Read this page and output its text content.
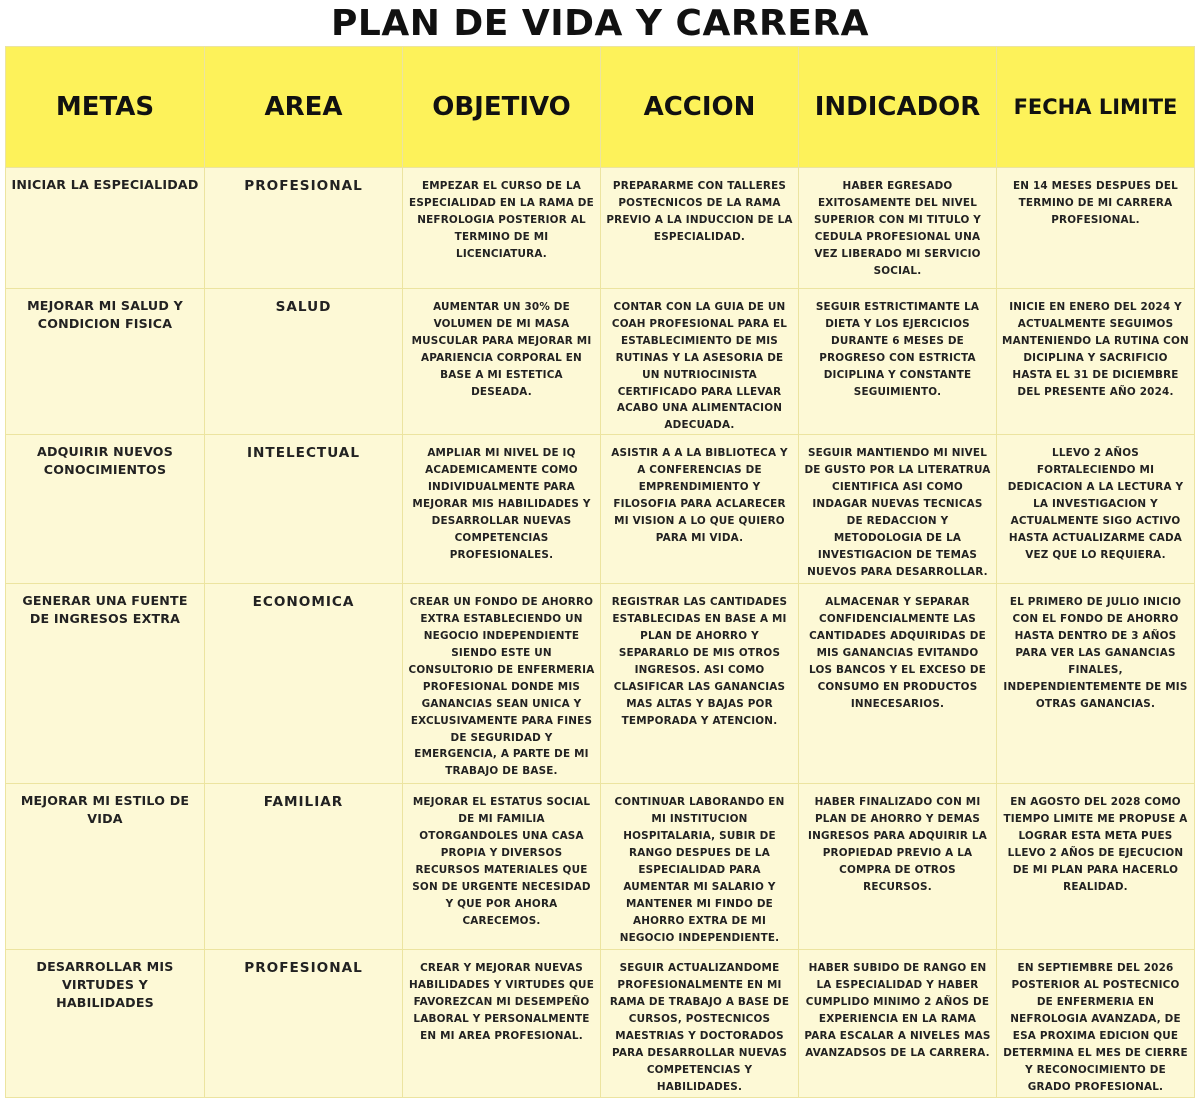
PLAN DE VIDA Y CARRERA
METAS	AREA	OBJETIVO	ACCION	INDICADOR	FECHA LIMITE
INICIAR LA ESPECIALIDAD	PROFESIONAL	EMPEZAR EL CURSO DE LA ESPECIALIDAD EN LA RAMA DE NEFROLOGIA POSTERIOR AL TERMINO DE MI LICENCIATURA.	PREPARARME CON TALLERES POSTECNICOS DE LA RAMA PREVIO A LA INDUCCION DE LA ESPECIALIDAD.	HABER EGRESADO EXITOSAMENTE DEL NIVEL SUPERIOR CON MI TITULO Y CEDULA PROFESIONAL UNA VEZ LIBERADO MI SERVICIO SOCIAL.	EN 14 MESES DESPUES DEL TERMINO DE MI CARRERA PROFESIONAL.
MEJORAR MI SALUD Y CONDICION FISICA	SALUD	AUMENTAR UN 30% DE VOLUMEN DE MI MASA MUSCULAR PARA MEJORAR MI APARIENCIA CORPORAL EN BASE A MI ESTETICA DESEADA.	CONTAR CON LA GUIA DE UN COAH PROFESIONAL PARA EL ESTABLECIMIENTO DE MIS RUTINAS Y LA ASESORIA DE UN NUTRIOCINISTA CERTIFICADO PARA LLEVAR ACABO UNA ALIMENTACION ADECUADA.	SEGUIR ESTRICTIMANTE LA DIETA Y LOS EJERCICIOS DURANTE 6 MESES DE PROGRESO CON ESTRICTA DICIPLINA Y CONSTANTE SEGUIMIENTO.	INICIE EN ENERO DEL 2024 Y ACTUALMENTE SEGUIMOS MANTENIENDO LA RUTINA CON DICIPLINA Y SACRIFICIO HASTA EL 31 DE DICIEMBRE DEL PRESENTE AÑO 2024.
ADQUIRIR NUEVOS CONOCIMIENTOS	INTELECTUAL	AMPLIAR MI NIVEL DE IQ ACADEMICAMENTE COMO INDIVIDUALMENTE PARA MEJORAR MIS HABILIDADES Y DESARROLLAR NUEVAS COMPETENCIAS PROFESIONALES.	ASISTIR A A LA BIBLIOTECA Y A CONFERENCIAS DE EMPRENDIMIENTO Y FILOSOFIA PARA ACLARECER MI VISION A LO QUE QUIERO PARA MI VIDA.	SEGUIR MANTIENDO MI NIVEL DE GUSTO POR LA LITERATRUA CIENTIFICA ASI COMO INDAGAR NUEVAS TECNICAS DE REDACCION Y METODOLOGIA DE LA INVESTIGACION DE TEMAS NUEVOS PARA DESARROLLAR.	LLEVO 2 AÑOS FORTALECIENDO MI DEDICACION A LA LECTURA Y LA INVESTIGACION Y ACTUALMENTE SIGO ACTIVO HASTA ACTUALIZARME CADA VEZ QUE LO REQUIERA.
GENERAR UNA FUENTE DE INGRESOS EXTRA	ECONOMICA	CREAR UN FONDO DE AHORRO EXTRA ESTABLECIENDO UN NEGOCIO INDEPENDIENTE SIENDO ESTE UN CONSULTORIO DE ENFERMERIA PROFESIONAL DONDE MIS GANANCIAS SEAN UNICA Y EXCLUSIVAMENTE PARA FINES DE SEGURIDAD Y EMERGENCIA, A PARTE DE MI TRABAJO DE BASE.	REGISTRAR LAS CANTIDADES ESTABLECIDAS EN BASE A MI PLAN DE AHORRO Y SEPARARLO DE MIS OTROS INGRESOS. ASI COMO CLASIFICAR LAS GANANCIAS MAS ALTAS Y BAJAS POR TEMPORADA Y ATENCION.	ALMACENAR Y SEPARAR CONFIDENCIALMENTE LAS CANTIDADES ADQUIRIDAS DE MIS GANANCIAS EVITANDO LOS BANCOS Y EL EXCESO DE CONSUMO EN PRODUCTOS INNECESARIOS.	EL PRIMERO DE JULIO INICIO CON EL FONDO DE AHORRO HASTA DENTRO DE 3 AÑOS PARA VER LAS GANANCIAS FINALES, INDEPENDIENTEMENTE DE MIS OTRAS GANANCIAS.
MEJORAR MI ESTILO DE VIDA	FAMILIAR	MEJORAR EL ESTATUS SOCIAL DE MI FAMILIA OTORGANDOLES UNA CASA PROPIA Y DIVERSOS RECURSOS MATERIALES QUE SON DE URGENTE NECESIDAD Y QUE POR AHORA CARECEMOS.	CONTINUAR LABORANDO EN MI INSTITUCION HOSPITALARIA, SUBIR DE RANGO DESPUES DE LA ESPECIALIDAD PARA AUMENTAR MI SALARIO Y MANTENER MI FINDO DE AHORRO EXTRA DE MI NEGOCIO INDEPENDIENTE.	HABER FINALIZADO CON MI PLAN DE AHORRO Y DEMAS INGRESOS PARA ADQUIRIR LA PROPIEDAD PREVIO A LA COMPRA DE OTROS RECURSOS.	EN AGOSTO DEL 2028 COMO TIEMPO LIMITE ME PROPUSE A LOGRAR ESTA META PUES LLEVO 2 AÑOS DE EJECUCION DE MI PLAN PARA HACERLO REALIDAD.
DESARROLLAR MIS VIRTUDES Y HABILIDADES	PROFESIONAL	CREAR Y MEJORAR NUEVAS HABILIDADES Y VIRTUDES QUE FAVOREZCAN MI DESEMPEÑO LABORAL Y PERSONALMENTE EN MI AREA PROFESIONAL.	SEGUIR ACTUALIZANDOME PROFESIONALMENTE EN MI RAMA DE TRABAJO A BASE DE CURSOS, POSTECNICOS MAESTRIAS Y DOCTORADOS PARA DESARROLLAR NUEVAS COMPETENCIAS Y HABILIDADES.	HABER SUBIDO DE RANGO EN LA ESPECIALIDAD Y HABER CUMPLIDO MINIMO 2 AÑOS DE EXPERIENCIA EN LA RAMA PARA ESCALAR A NIVELES MAS AVANZADSOS DE LA CARRERA.	EN SEPTIEMBRE DEL 2026 POSTERIOR AL POSTECNICO DE ENFERMERIA EN NEFROLOGIA AVANZADA, DE ESA PROXIMA EDICION QUE DETERMINA EL MES DE CIERRE Y RECONOCIMIENTO DE GRADO PROFESIONAL.
